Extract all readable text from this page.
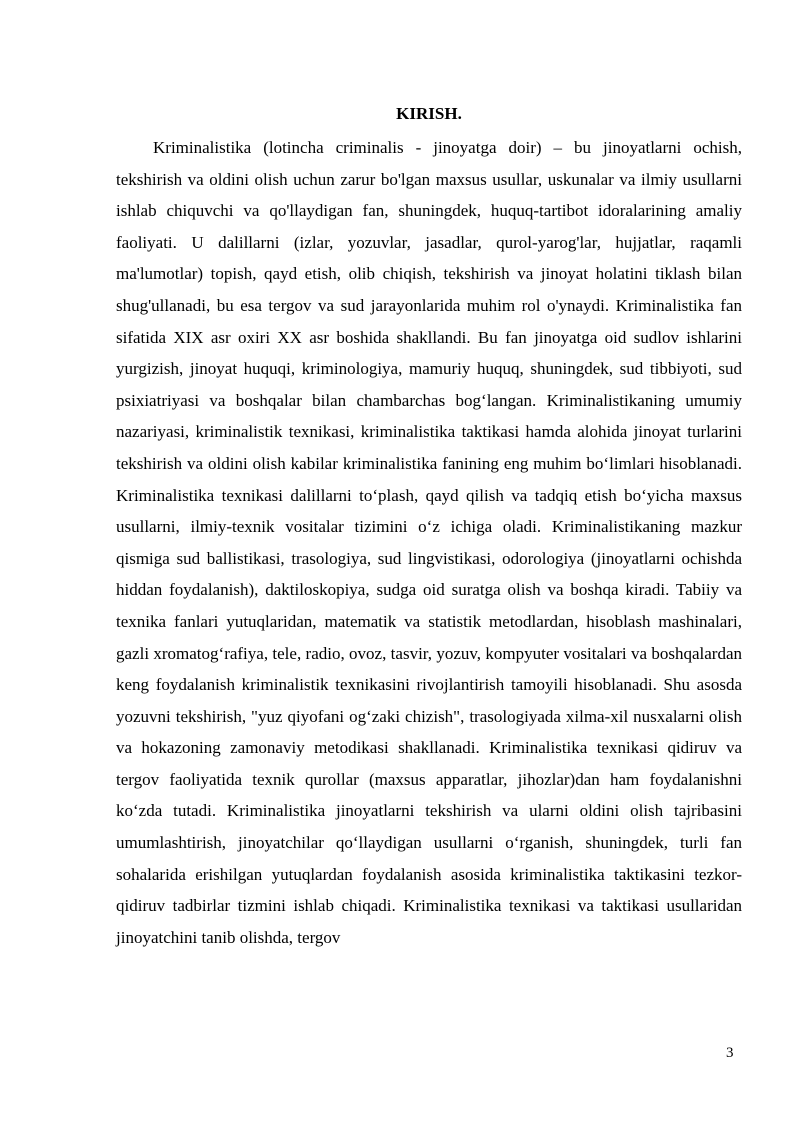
KIRISH.

Kriminalistika (lotincha criminalis - jinoyatga doir) – bu jinoyatlarni ochish, tekshirish va oldini olish uchun zarur bo'lgan maxsus usullar, uskunalar va ilmiy usullarni ishlab chiquvchi va qo'llaydigan fan, shuningdek, huquq-tartibot idoralarining amaliy faoliyati. U dalillarni (izlar, yozuvlar, jasadlar, qurol-yarog'lar, hujjatlar, raqamli ma'lumotlar) topish, qayd etish, olib chiqish, tekshirish va jinoyat holatini tiklash bilan shug'ullanadi, bu esa tergov va sud jarayonlarida muhim rol o'ynaydi. Kriminalistika fan sifatida XIX asr oxiri XX asr boshida shakllandi. Bu fan jinoyatga oid sudlov ishlarini yurgizish, jinoyat huquqi, kriminologiya, mamuriy huquq, shuningdek, sud tibbiyoti, sud psixiatriyasi va boshqalar bilan chambarchas bog‘langan. Kriminalistikaning umumiy nazariyasi, kriminalistik texnikasi, kriminalistika taktikasi hamda alohida jinoyat turlarini tekshirish va oldini olish kabilar kriminalistika fanining eng muhim bo‘limlari hisoblanadi. Kriminalistika texnikasi dalillarni to‘plash, qayd qilish va tadqiq etish bo‘yicha maxsus usullarni, ilmiy-texnik vositalar tizimini o‘z ichiga oladi. Kriminalistikaning mazkur qismiga sud ballistikasi, trasologiya, sud lingvistikasi, odorologiya (jinoyatlarni ochishda hiddan foydalanish), daktiloskopiya, sudga oid suratga olish va boshqa kiradi. Tabiiy va texnika fanlari yutuqlaridan, matematik va statistik metodlardan, hisoblash mashinalari, gazli xromatog‘rafiya, tele, radio, ovoz, tasvir, yozuv, kompyuter vositalari va boshqalardan keng foydalanish kriminalistik texnikasini rivojlantirish tamoyili hisoblanadi. Shu asosda yozuvni tekshirish, "yuz qiyofani og‘zaki chizish", trasologiyada xilma-xil nusxalarni olish va hokazoning zamonaviy metodikasi shakllanadi. Kriminalistika texnikasi qidiruv va tergov faoliyatida texnik qurollar (maxsus apparatlar, jihozlar)dan ham foydalanishni ko‘zda tutadi. Kriminalistika jinoyatlarni tekshirish va ularni oldini olish tajribasini umumlashtirish, jinoyatchilar qo‘llaydigan usullarni o‘rganish, shuningdek, turli fan sohalarida erishilgan yutuqlardan foydalanish asosida kriminalistika taktikasini tezkor-qidiruv tadbirlar tizmini ishlab chiqadi. Kriminalistika texnikasi va taktikasi usullaridan jinoyatchini tanib olishda, tergov

3
